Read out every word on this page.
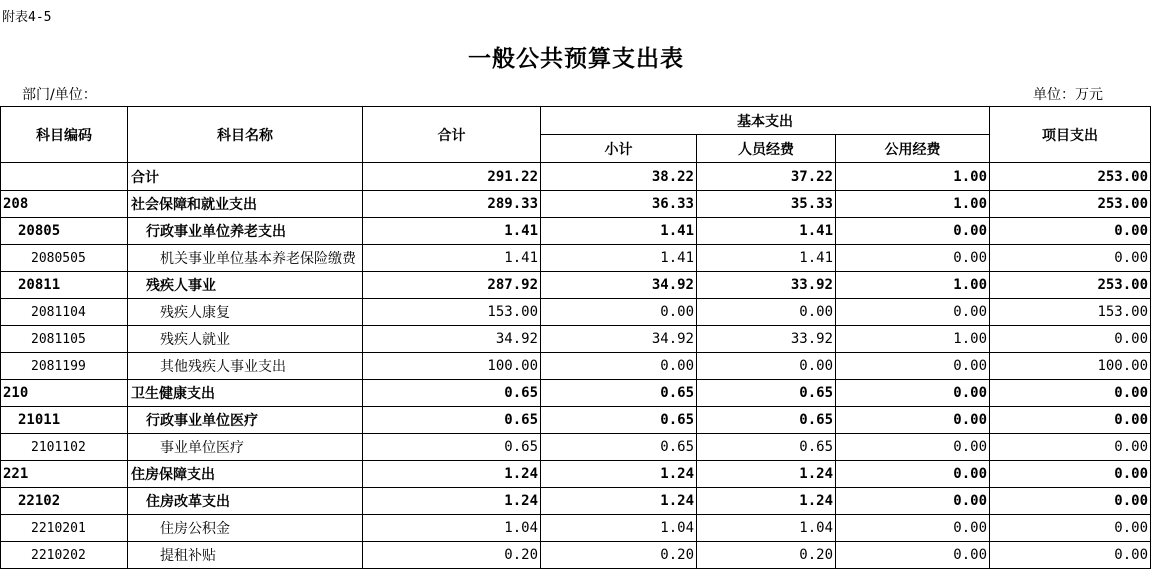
附表4-5
一般公共预算支出表
部门/单位：	单位：万元
科目编码	科目名称	合计	基本支出			项目支出
			小计	人员经费	公用经费	
	合计	291.22	38.22	37.22	1.00	253.00
208	社会保障和就业支出	289.33	36.33	35.33	1.00	253.00
20805	行政事业单位养老支出	1.41	1.41	1.41	0.00	0.00
2080505	机关事业单位基本养老保险缴费	1.41	1.41	1.41	0.00	0.00
20811	残疾人事业	287.92	34.92	33.92	1.00	253.00
2081104	残疾人康复	153.00	0.00	0.00	0.00	153.00
2081105	残疾人就业	34.92	34.92	33.92	1.00	0.00
2081199	其他残疾人事业支出	100.00	0.00	0.00	0.00	100.00
210	卫生健康支出	0.65	0.65	0.65	0.00	0.00
21011	行政事业单位医疗	0.65	0.65	0.65	0.00	0.00
2101102	事业单位医疗	0.65	0.65	0.65	0.00	0.00
221	住房保障支出	1.24	1.24	1.24	0.00	0.00
22102	住房改革支出	1.24	1.24	1.24	0.00	0.00
2210201	住房公积金	1.04	1.04	1.04	0.00	0.00
2210202	提租补贴	0.20	0.20	0.20	0.00	0.00
